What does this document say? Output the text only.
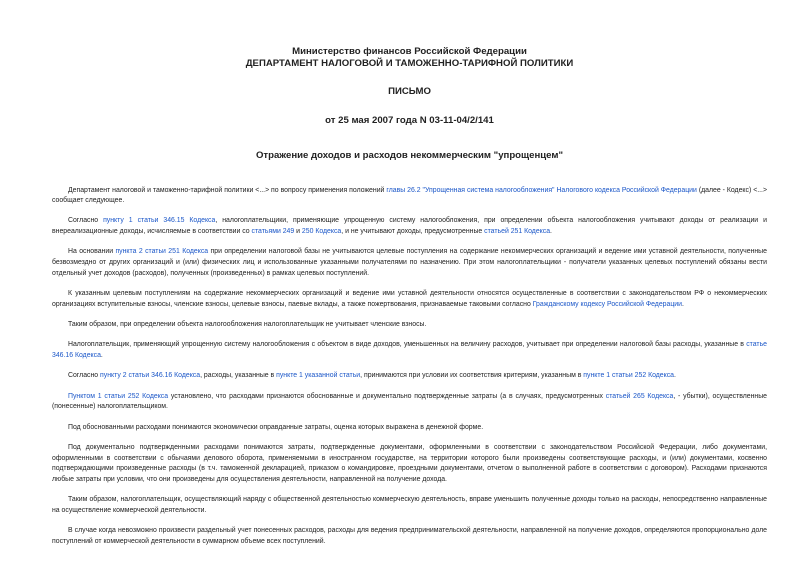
Министерство финансов Российской Федерации
ДЕПАРТАМЕНТ НАЛОГОВОЙ И ТАМОЖЕННО-ТАРИФНОЙ ПОЛИТИКИ
ПИСЬМО
от 25 мая 2007 года N 03-11-04/2/141
Отражение доходов и расходов некоммерческим "упрощенцем"

Департамент налоговой и таможенно-тарифной политики <...> по вопросу применения положений главы 26.2 "Упрощенная система налогообложения" Налогового кодекса Российской Федерации (далее - Кодекс) <...> сообщает следующее.

Согласно пункту 1 статьи 346.15 Кодекса, налогоплательщики, применяющие упрощенную систему налогообложения, при определении объекта налогообложения учитывают доходы от реализации и внереализационные доходы, исчисляемые в соответствии со статьями 249 и 250 Кодекса, и не учитывают доходы, предусмотренные статьей 251 Кодекса.

На основании пункта 2 статьи 251 Кодекса при определении налоговой базы не учитываются целевые поступления на содержание некоммерческих организаций и ведение ими уставной деятельности, полученные безвозмездно от других организаций и (или) физических лиц и использованные указанными получателями по назначению. При этом налогоплательщики - получатели указанных целевых поступлений обязаны вести отдельный учет доходов (расходов), полученных (произведенных) в рамках целевых поступлений.

К указанным целевым поступлениям на содержание некоммерческих организаций и ведение ими уставной деятельности относятся осуществленные в соответствии с законодательством РФ о некоммерческих организациях вступительные взносы, членские взносы, целевые взносы, паевые вклады, а также пожертвования, признаваемые таковыми согласно Гражданскому кодексу Российской Федерации.

Таким образом, при определении объекта налогообложения налогоплательщик не учитывает членские взносы.

Налогоплательщик, применяющий упрощенную систему налогообложения с объектом в виде доходов, уменьшенных на величину расходов, учитывает при определении налоговой базы расходы, указанные в статье 346.16 Кодекса.

Согласно пункту 2 статьи 346.16 Кодекса, расходы, указанные в пункте 1 указанной статьи, принимаются при условии их соответствия критериям, указанным в пункте 1 статьи 252 Кодекса.

Пунктом 1 статьи 252 Кодекса установлено, что расходами признаются обоснованные и документально подтвержденные затраты (а в случаях, предусмотренных статьей 265 Кодекса, - убытки), осуществленные (понесенные) налогоплательщиком.

Под обоснованными расходами понимаются экономически оправданные затраты, оценка которых выражена в денежной форме.

Под документально подтвержденными расходами понимаются затраты, подтвержденные документами, оформленными в соответствии с законодательством Российской Федерации, либо документами, оформленными в соответствии с обычаями делового оборота, применяемыми в иностранном государстве, на территории которого были произведены соответствующие расходы, и (или) документами, косвенно подтверждающими произведенные расходы (в т.ч. таможенной декларацией, приказом о командировке, проездными документами, отчетом о выполненной работе в соответствии с договором). Расходами признаются любые затраты при условии, что они произведены для осуществления деятельности, направленной на получение дохода.

Таким образом, налогоплательщик, осуществляющий наряду с общественной деятельностью коммерческую деятельность, вправе уменьшить полученные доходы только на расходы, непосредственно направленные на осуществление коммерческой деятельности.

В случае когда невозможно произвести раздельный учет понесенных расходов, расходы для ведения предпринимательской деятельности, направленной на получение доходов, определяются пропорционально доле поступлений от коммерческой деятельности в суммарном объеме всех поступлений.
